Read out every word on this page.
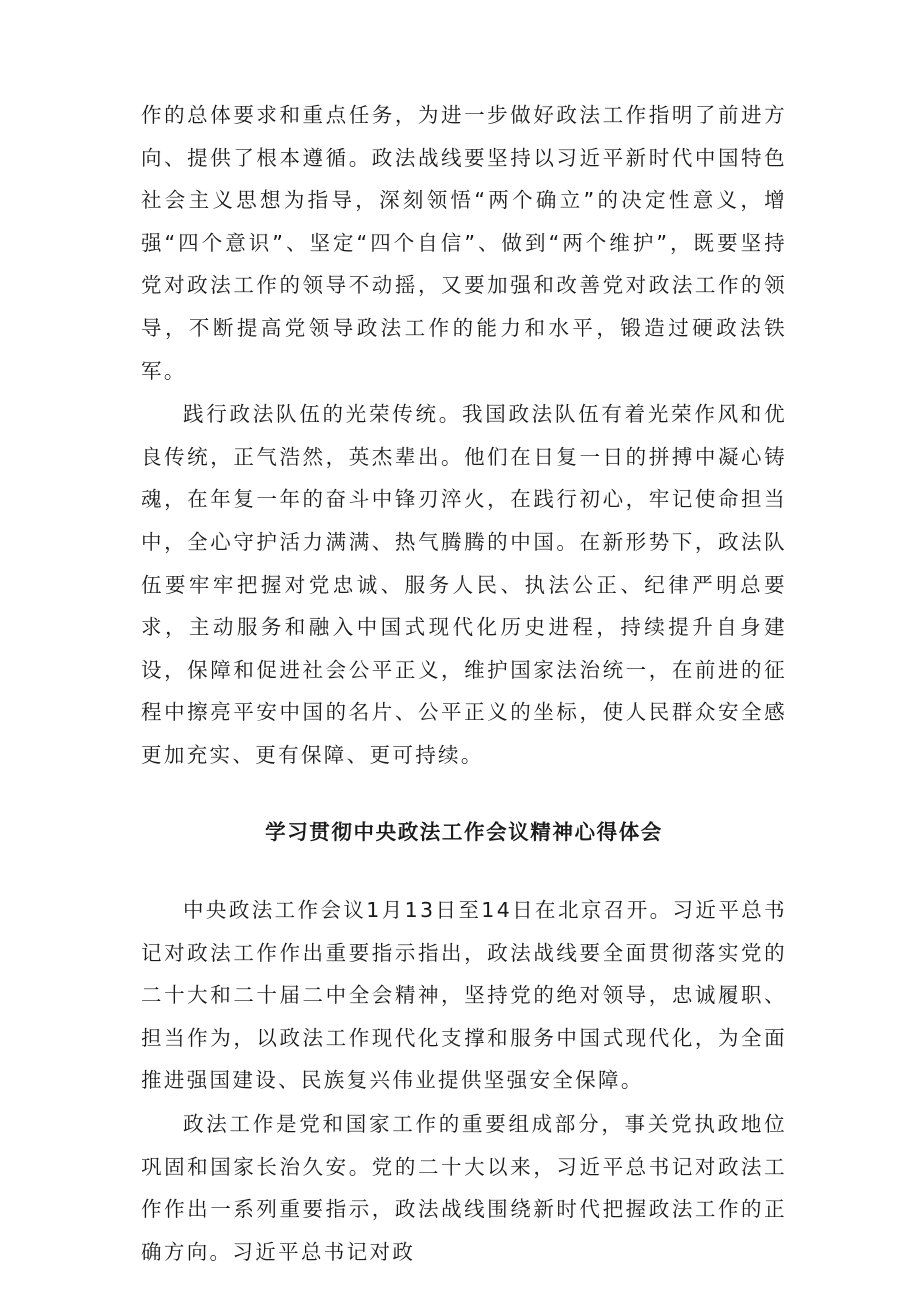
作的总体要求和重点任务，为进一步做好政法工作指明了前进方向、提供了根本遵循。政法战线要坚持以习近平新时代中国特色社会主义思想为指导，深刻领悟“两个确立”的决定性意义，增强“四个意识”、坚定“四个自信”、做到“两个维护”，既要坚持党对政法工作的领导不动摇，又要加强和改善党对政法工作的领导，不断提高党领导政法工作的能力和水平，锻造过硬政法铁军。

践行政法队伍的光荣传统。我国政法队伍有着光荣作风和优良传统，正气浩然，英杰辈出。他们在日复一日的拼搏中凝心铸魂，在年复一年的奋斗中锋刃淬火，在践行初心，牢记使命担当中，全心守护活力满满、热气腾腾的中国。在新形势下，政法队伍要牢牢把握对党忠诚、服务人民、执法公正、纪律严明总要求，主动服务和融入中国式现代化历史进程，持续提升自身建设，保障和促进社会公平正义，维护国家法治统一，在前进的征程中擦亮平安中国的名片、公平正义的坐标，使人民群众安全感更加充实、更有保障、更可持续。

学习贯彻中央政法工作会议精神心得体会

中央政法工作会议1月13日至14日在北京召开。习近平总书记对政法工作作出重要指示指出，政法战线要全面贯彻落实党的二十大和二十届二中全会精神，坚持党的绝对领导，忠诚履职、担当作为，以政法工作现代化支撑和服务中国式现代化，为全面推进强国建设、民族复兴伟业提供坚强安全保障。

政法工作是党和国家工作的重要组成部分，事关党执政地位巩固和国家长治久安。党的二十大以来，习近平总书记对政法工作作出一系列重要指示，政法战线围绕新时代把握政法工作的正确方向。习近平总书记对政
